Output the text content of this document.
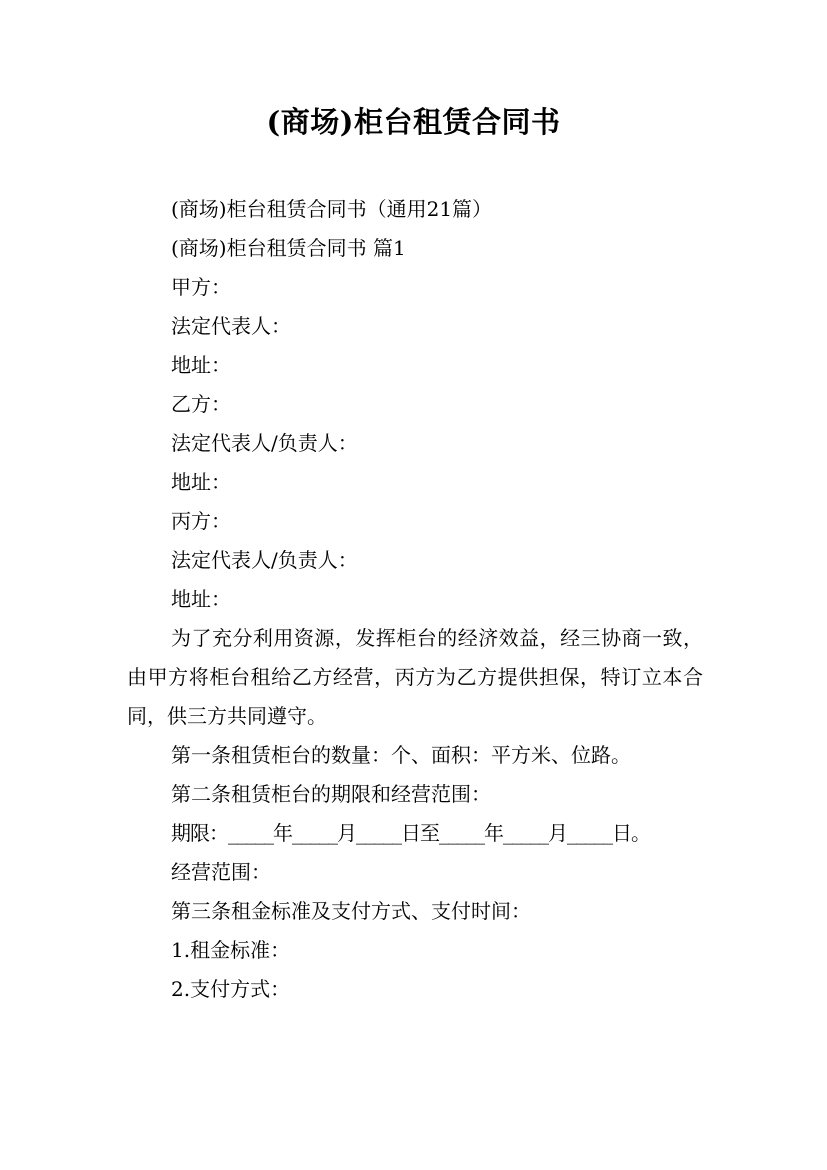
(商场)柜台租赁合同书

(商场)柜台租赁合同书（通用21篇）

(商场)柜台租赁合同书 篇1

甲方：

法定代表人：

地址：

乙方：

法定代表人/负责人：

地址：

丙方：

法定代表人/负责人：

地址：

为了充分利用资源，发挥柜台的经济效益，经三协商一致，由甲方将柜台租给乙方经营，丙方为乙方提供担保，特订立本合同，供三方共同遵守。

第一条租赁柜台的数量：个、面积：平方米、位路。

第二条租赁柜台的期限和经营范围：

期限：_____年_____月_____日至_____年_____月_____日。

经营范围：

第三条租金标准及支付方式、支付时间：

1.租金标准：

2.支付方式：
